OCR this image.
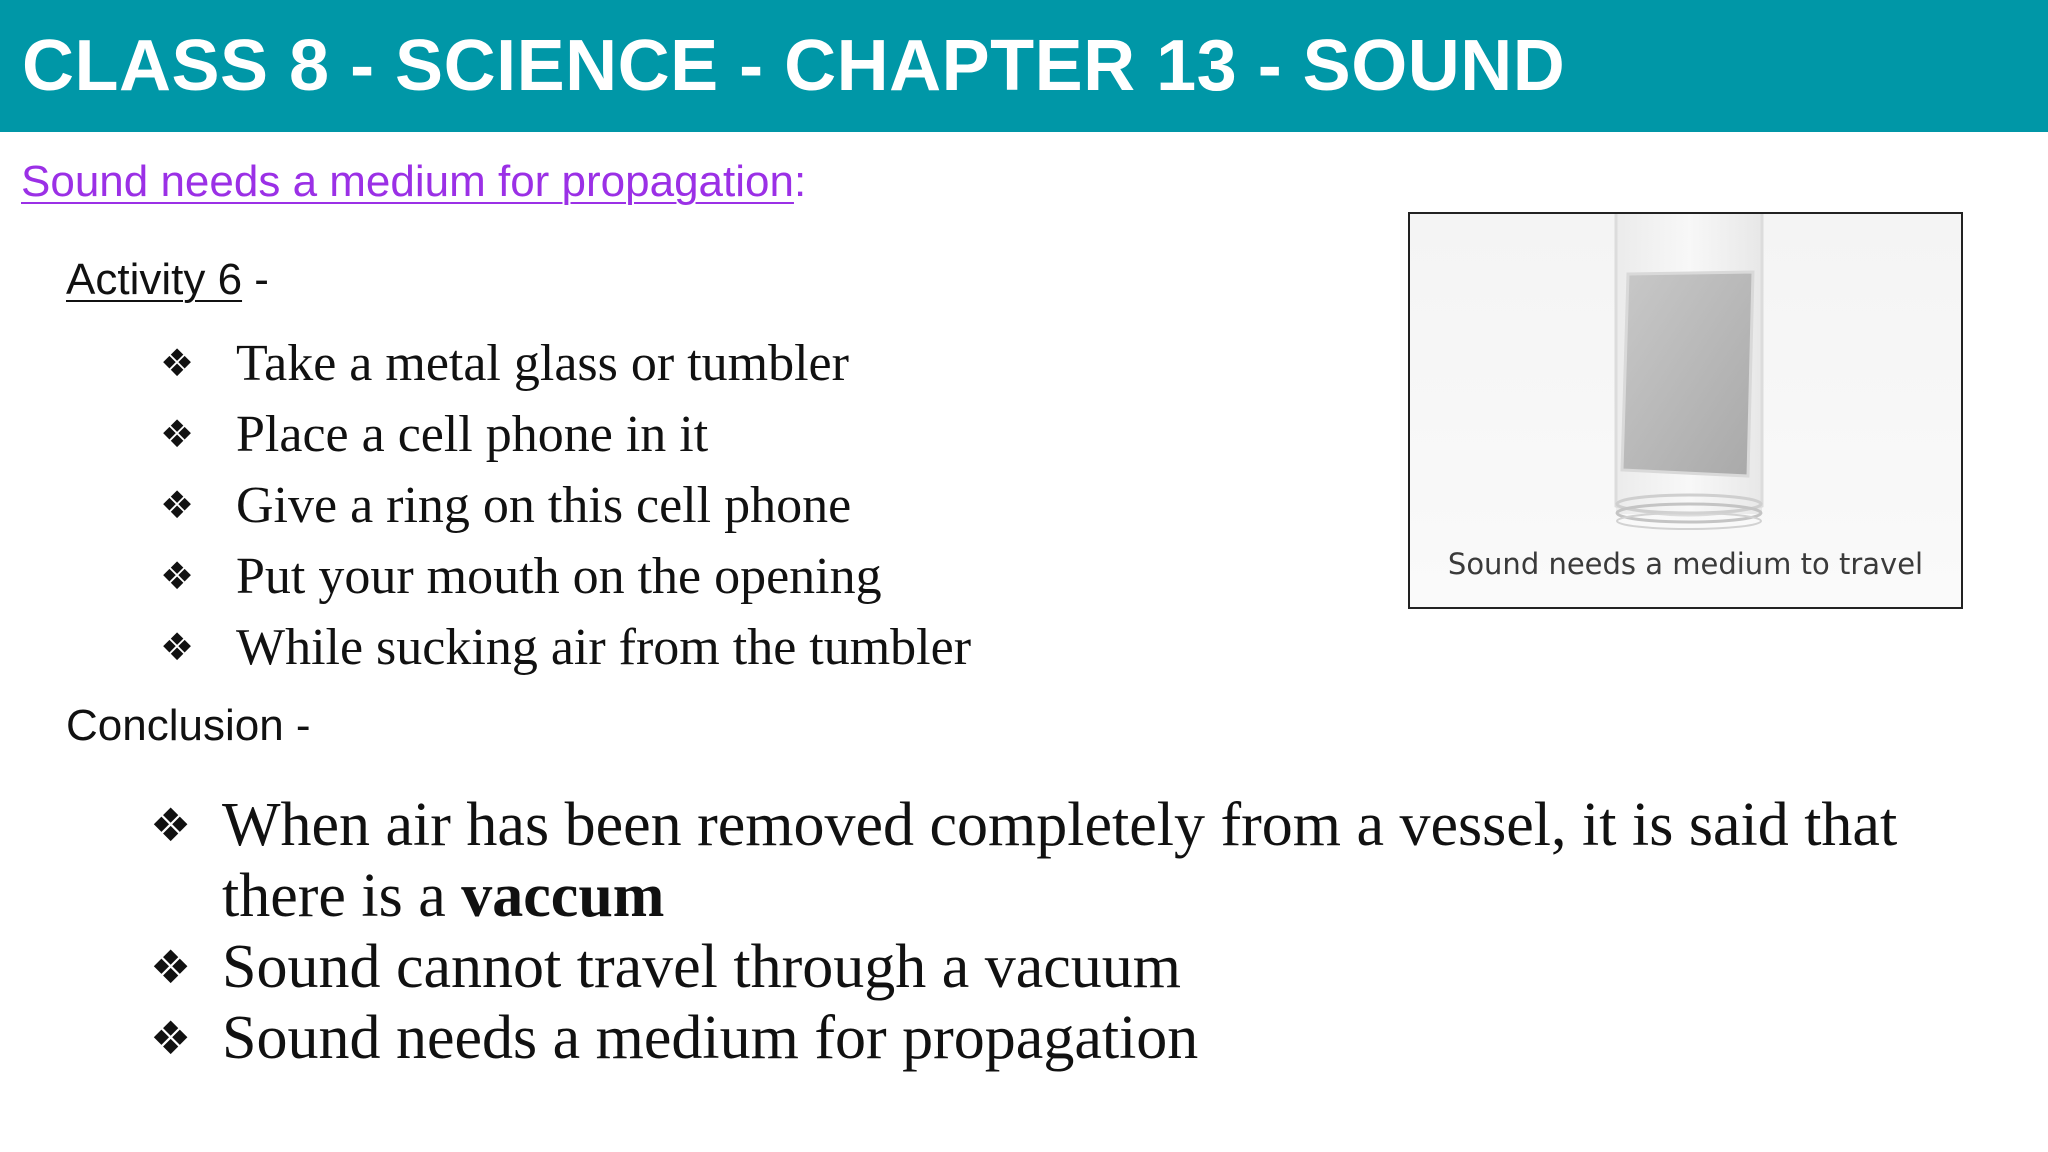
CLASS 8 - SCIENCE - CHAPTER 13 - SOUND
Sound needs a medium for propagation:
Activity 6 -
❖ Take a metal glass or tumbler
❖ Place a cell phone in it
❖ Give a ring on this cell phone
❖ Put your mouth on the opening
❖ While sucking air from the tumbler
Conclusion -
❖ When air has been removed completely from a vessel, it is said that there is a vaccum
❖ Sound cannot travel through a vacuum
❖ Sound needs a medium for propagation
Sound needs a medium to travel
